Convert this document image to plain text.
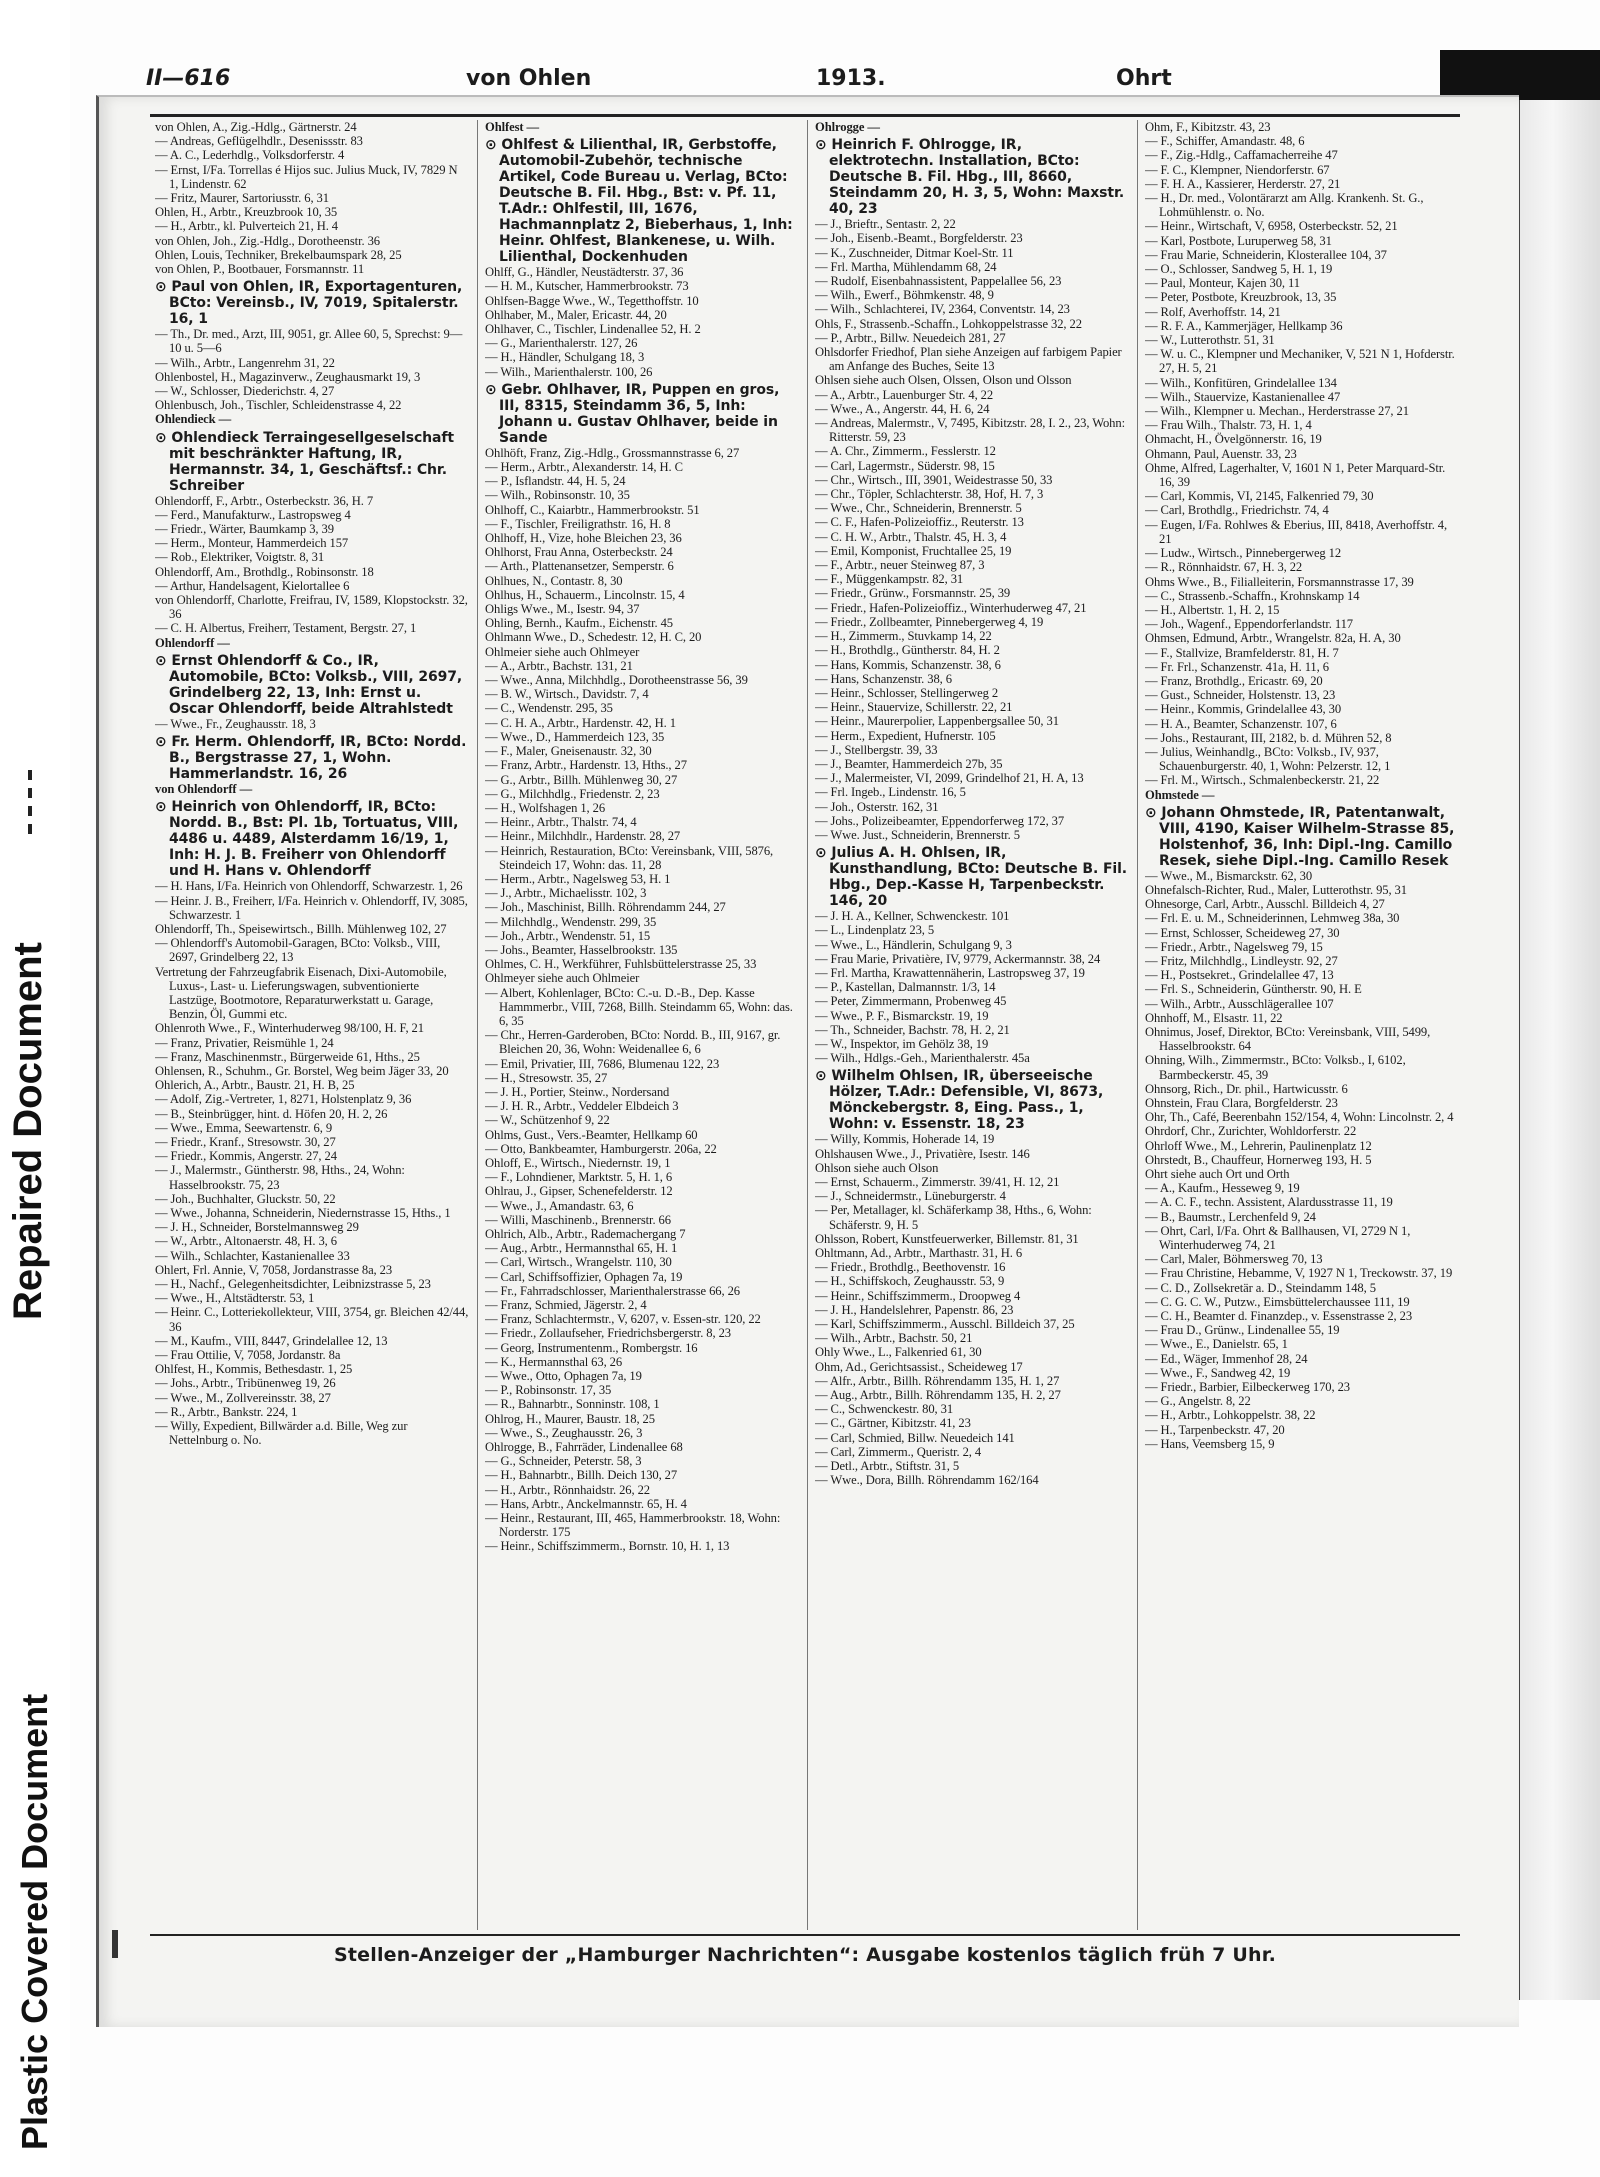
Repaired Document
Plastic Covered Document
II—616	von Ohlen	1913.	Ohrt
von Ohlen, A., Zig.-Hdlg., Gärtnerstr. 24
— Andreas, Geflügelhdlr., Desenissstr. 83
— A. C., Lederhdlg., Volksdorferstr. 4
— Ernst, I/Fa. Torrellas é Hijos suc. Julius Muck, IV, 7829 N 1, Lindenstr. 62
— Fritz, Maurer, Sartoriusstr. 6, 31
Ohlen, H., Arbtr., Kreuzbrook 10, 35
— H., Arbtr., kl. Pulverteich 21, H. 4
von Ohlen, Joh., Zig.-Hdlg., Dorotheenstr. 36
Ohlen, Louis, Techniker, Brekelbaumspark 28, 25
von Ohlen, P., Bootbauer, Forsmannstr. 11
⊙ Paul von Ohlen, IR, Exportagenturen, BCto: Vereinsb., IV, 7019, Spitalerstr. 16, 1
— Th., Dr. med., Arzt, III, 9051, gr. Allee 60, 5, Sprechst: 9—10 u. 5—6
— Wilh., Arbtr., Langenrehm 31, 22
Ohlenbostel, H., Magazinverw., Zeughausmarkt 19, 3
— W., Schlosser, Diederichstr. 4, 27
Ohlenbusch, Joh., Tischler, Schleidenstrasse 4, 22
Ohlendieck —
⊙ Ohlendieck Terraingesellgeselschaft mit beschränkter Haftung, IR, Hermannstr. 34, 1, Geschäftsf.: Chr. Schreiber
Ohlendorff, F., Arbtr., Osterbeckstr. 36, H. 7
— Ferd., Manufakturw., Lastropsweg 4
— Friedr., Wärter, Baumkamp 3, 39
— Herm., Monteur, Hammerdeich 157
— Rob., Elektriker, Voigtstr. 8, 31
Ohlendorff, Am., Brothdlg., Robinsonstr. 18
— Arthur, Handelsagent, Kielortallee 6
von Ohlendorff, Charlotte, Freifrau, IV, 1589, Klopstockstr. 32, 36
— C. H. Albertus, Freiherr, Testament, Bergstr. 27, 1
Ohlendorff —
⊙ Ernst Ohlendorff & Co., IR, Automobile, BCto: Volksb., VIII, 2697, Grindelberg 22, 13, Inh: Ernst u. Oscar Ohlendorff, beide Altrahlstedt
— Wwe., Fr., Zeughausstr. 18, 3
⊙ Fr. Herm. Ohlendorff, IR, BCto: Nordd. B., Bergstrasse 27, 1, Wohn. Hammerlandstr. 16, 26
von Ohlendorff —
⊙ Heinrich von Ohlendorff, IR, BCto: Nordd. B., Bst: Pl. 1b, Tortuatus, VIII, 4486 u. 4489, Alsterdamm 16/19, 1, Inh: H. J. B. Freiherr von Ohlendorff und H. Hans v. Ohlendorff
— H. Hans, I/Fa. Heinrich von Ohlendorff, Schwarzestr. 1, 26
— Heinr. J. B., Freiherr, I/Fa. Heinrich v. Ohlendorff, IV, 3085, Schwarzestr. 1
Ohlendorff, Th., Speisewirtsch., Billh. Mühlenweg 102, 27
— Ohlendorff's Automobil-Garagen, BCto: Volksb., VIII, 2697, Grindelberg 22, 13
Vertretung der Fahrzeugfabrik Eisenach, Dixi-Automobile, Luxus-, Last- u. Lieferungswagen, subventionierte Lastzüge, Bootmotore, Reparaturwerkstatt u. Garage, Benzin, Öl, Gummi etc.
Ohlenroth Wwe., F., Winterhuderweg 98/100, H. F, 21
— Franz, Privatier, Reismühle 1, 24
— Franz, Maschinenmstr., Bürgerweide 61, Hths., 25
Ohlensen, R., Schuhm., Gr. Borstel, Weg beim Jäger 33, 20
Ohlerich, A., Arbtr., Baustr. 21, H. B, 25
— Adolf, Zig.-Vertreter, 1, 8271, Holstenplatz 9, 36
— B., Steinbrügger, hint. d. Höfen 20, H. 2, 26
— Wwe., Emma, Seewartenstr. 6, 9
— Friedr., Kranf., Stresowstr. 30, 27
— Friedr., Kommis, Angerstr. 27, 24
— J., Malermstr., Güntherstr. 98, Hths., 24, Wohn: Hasselbrookstr. 75, 23
— Joh., Buchhalter, Gluckstr. 50, 22
— Wwe., Johanna, Schneiderin, Niedernstrasse 15, Hths., 1
— J. H., Schneider, Borstelmannsweg 29
— W., Arbtr., Altonaerstr. 48, H. 3, 6
— Wilh., Schlachter, Kastanienallee 33
Ohlert, Frl. Annie, V, 7058, Jordanstrasse 8a, 23
— H., Nachf., Gelegenheitsdichter, Leibnizstrasse 5, 23
— Wwe., H., Altstädterstr. 53, 1
— Heinr. C., Lotteriekollekteur, VIII, 3754, gr. Bleichen 42/44, 36
— M., Kaufm., VIII, 8447, Grindelallee 12, 13
— Frau Ottilie, V, 7058, Jordanstr. 8a
Ohlfest, H., Kommis, Bethesdastr. 1, 25
— Johs., Arbtr., Tribünenweg 19, 26
— Wwe., M., Zollvereinsstr. 38, 27
— R., Arbtr., Bankstr. 224, 1
— Willy, Expedient, Billwärder a.d. Bille, Weg zur Nettelnburg o. No.
Ohlfest —
⊙ Ohlfest & Lilienthal, IR, Gerbstoffe, Automobil-Zubehör, technische Artikel, Code Bureau u. Verlag, BCto: Deutsche B. Fil. Hbg., Bst: v. Pf. 11, T.Adr.: Ohlfestil, III, 1676, Hachmannplatz 2, Bieberhaus, 1, Inh: Heinr. Ohlfest, Blankenese, u. Wilh. Lilienthal, Dockenhuden
Ohlff, G., Händler, Neustädterstr. 37, 36
— H. M., Kutscher, Hammerbrookstr. 73
Ohlfsen-Bagge Wwe., W., Tegetthoffstr. 10
Ohlhaber, M., Maler, Ericastr. 44, 20
Ohlhaver, C., Tischler, Lindenallee 52, H. 2
— G., Marienthalerstr. 127, 26
— H., Händler, Schulgang 18, 3
— Wilh., Marienthalerstr. 100, 26
⊙ Gebr. Ohlhaver, IR, Puppen en gros, III, 8315, Steindamm 36, 5, Inh: Johann u. Gustav Ohlhaver, beide in Sande
Ohlhöft, Franz, Zig.-Hdlg., Grossmannstrasse 6, 27
— Herm., Arbtr., Alexanderstr. 14, H. C
— P., Isflandstr. 44, H. 5, 24
— Wilh., Robinsonstr. 10, 35
Ohlhoff, C., Kaiarbtr., Hammerbrookstr. 51
— F., Tischler, Freiligrathstr. 16, H. 8
Ohlhoff, H., Vize, hohe Bleichen 23, 36
Ohlhorst, Frau Anna, Osterbeckstr. 24
— Arth., Plattenansetzer, Semperstr. 6
Ohlhues, N., Contastr. 8, 30
Ohlhus, H., Schauerm., Lincolnstr. 15, 4
Ohligs Wwe., M., Isestr. 94, 37
Ohling, Bernh., Kaufm., Eichenstr. 45
Ohlmann Wwe., D., Schedestr. 12, H. C, 20
Ohlmeier siehe auch Ohlmeyer
— A., Arbtr., Bachstr. 131, 21
— Wwe., Anna, Milchhdlg., Dorotheenstrasse 56, 39
— B. W., Wirtsch., Davidstr. 7, 4
— C., Wendenstr. 295, 35
— C. H. A., Arbtr., Hardenstr. 42, H. 1
— Wwe., D., Hammerdeich 123, 35
— F., Maler, Gneisenaustr. 32, 30
— Franz, Arbtr., Hardenstr. 13, Hths., 27
— G., Arbtr., Billh. Mühlenweg 30, 27
— G., Milchhdlg., Friedenstr. 2, 23
— H., Wolfshagen 1, 26
— Heinr., Arbtr., Thalstr. 74, 4
— Heinr., Milchhdlr., Hardenstr. 28, 27
— Heinrich, Restauration, BCto: Vereinsbank, VIII, 5876, Steindeich 17, Wohn: das. 11, 28
— Herm., Arbtr., Nagelsweg 53, H. 1
— J., Arbtr., Michaelisstr. 102, 3
— Joh., Maschinist, Billh. Röhrendamm 244, 27
— Milchhdlg., Wendenstr. 299, 35
— Joh., Arbtr., Wendenstr. 51, 15
— Johs., Beamter, Hasselbrookstr. 135
Ohlmes, C. H., Werkführer, Fuhlsbüttelerstrasse 25, 33
Ohlmeyer siehe auch Ohlmeier
— Albert, Kohlenlager, BCto: C.-u. D.-B., Dep. Kasse Hammmerbr., VIII, 7268, Billh. Steindamm 65, Wohn: das. 6, 35
— Chr., Herren-Garderoben, BCto: Nordd. B., III, 9167, gr. Bleichen 20, 36, Wohn: Weidenallee 6, 6
— Emil, Privatier, III, 7686, Blumenau 122, 23
— H., Stresowstr. 35, 27
— J. H., Portier, Steinw., Nordersand
— J. H. R., Arbtr., Veddeler Elbdeich 3
— W., Schützenhof 9, 22
Ohlms, Gust., Vers.-Beamter, Hellkamp 60
— Otto, Bankbeamter, Hamburgerstr. 206a, 22
Ohloff, E., Wirtsch., Niedernstr. 19, 1
— F., Lohndiener, Marktstr. 5, H. 1, 6
Ohlrau, J., Gipser, Schenefelderstr. 12
— Wwe., J., Amandastr. 63, 6
— Willi, Maschinenb., Brennerstr. 66
Ohlrich, Alb., Arbtr., Rademachergang 7
— Aug., Arbtr., Hermannsthal 65, H. 1
— Carl, Wirtsch., Wrangelstr. 110, 30
— Carl, Schiffsoffizier, Ophagen 7a, 19
— Fr., Fahrradschlosser, Marienthalerstrasse 66, 26
— Franz, Schmied, Jägerstr. 2, 4
— Franz, Schlachtermstr., V, 6207, v. Essen-str. 120, 22
— Friedr., Zollaufseher, Friedrichsbergerstr. 8, 23
— Georg, Instrumentenm., Rombergstr. 16
— K., Hermannsthal 63, 26
— Wwe., Otto, Ophagen 7a, 19
— P., Robinsonstr. 17, 35
— R., Bahnarbtr., Sonninstr. 108, 1
Ohlrog, H., Maurer, Baustr. 18, 25
— Wwe., S., Zeughausstr. 26, 3
Ohlrogge, B., Fahrräder, Lindenallee 68
— G., Schneider, Peterstr. 58, 3
— H., Bahnarbtr., Billh. Deich 130, 27
— H., Arbtr., Rönnhaidstr. 26, 22
— Hans, Arbtr., Anckelmannstr. 65, H. 4
— Heinr., Restaurant, III, 465, Hammerbrookstr. 18, Wohn: Norderstr. 175
— Heinr., Schiffszimmerm., Bornstr. 10, H. 1, 13
Ohlrogge —
⊙ Heinrich F. Ohlrogge, IR, elektrotechn. Installation, BCto: Deutsche B. Fil. Hbg., III, 8660, Steindamm 20, H. 3, 5, Wohn: Maxstr. 40, 23
— J., Brieftr., Sentastr. 2, 22
— Joh., Eisenb.-Beamt., Borgfelderstr. 23
— K., Zuschneider, Ditmar Koel-Str. 11
— Frl. Martha, Mühlendamm 68, 24
— Rudolf, Eisenbahnassistent, Pappelallee 56, 23
— Wilh., Ewerf., Böhmkenstr. 48, 9
— Wilh., Schlachterei, IV, 2364, Conventstr. 14, 23
Ohls, F., Strassenb.-Schaffn., Lohkoppelstrasse 32, 22
— P., Arbtr., Billw. Neuedeich 281, 27
Ohlsdorfer Friedhof, Plan siehe Anzeigen auf farbigem Papier am Anfange des Buches, Seite 13
Ohlsen siehe auch Olsen, Olssen, Olson und Olsson
— A., Arbtr., Lauenburger Str. 4, 22
— Wwe., A., Angerstr. 44, H. 6, 24
— Andreas, Malermstr., V, 7495, Kibitzstr. 28, I. 2., 23, Wohn: Ritterstr. 59, 23
— A. Chr., Zimmerm., Fesslerstr. 12
— Carl, Lagermstr., Süderstr. 98, 15
— Chr., Wirtsch., III, 3901, Weidestrasse 50, 33
— Chr., Töpler, Schlachterstr. 38, Hof, H. 7, 3
— Wwe., Chr., Schneiderin, Brennerstr. 5
— C. F., Hafen-Polizeioffiz., Reuterstr. 13
— C. H. W., Arbtr., Thalstr. 45, H. 3, 4
— Emil, Komponist, Fruchtallee 25, 19
— F., Arbtr., neuer Steinweg 87, 3
— F., Müggenkampstr. 82, 31
— Friedr., Grünw., Forsmannstr. 25, 39
— Friedr., Hafen-Polizeioffiz., Winterhuderweg 47, 21
— Friedr., Zollbeamter, Pinnebergerweg 4, 19
— H., Zimmerm., Stuvkamp 14, 22
— H., Brothdlg., Güntherstr. 84, H. 2
— Hans, Kommis, Schanzenstr. 38, 6
— Hans, Schanzenstr. 38, 6
— Heinr., Schlosser, Stellingerweg 2
— Heinr., Stauervize, Schillerstr. 22, 21
— Heinr., Maurerpolier, Lappenbergsallee 50, 31
— Herm., Expedient, Hufnerstr. 105
— J., Stellbergstr. 39, 33
— J., Beamter, Hammerdeich 27b, 35
— J., Malermeister, VI, 2099, Grindelhof 21, H. A, 13
— Frl. Ingeb., Lindenstr. 16, 5
— Joh., Osterstr. 162, 31
— Johs., Polizeibeamter, Eppendorferweg 172, 37
— Wwe. Just., Schneiderin, Brennerstr. 5
⊙ Julius A. H. Ohlsen, IR, Kunsthandlung, BCto: Deutsche B. Fil. Hbg., Dep.-Kasse H, Tarpenbeckstr. 146, 20
— J. H. A., Kellner, Schwenckestr. 101
— L., Lindenplatz 23, 5
— Wwe., L., Händlerin, Schulgang 9, 3
— Frau Marie, Privatière, IV, 9779, Ackermannstr. 38, 24
— Frl. Martha, Krawattennäherin, Lastropsweg 37, 19
— P., Kastellan, Dalmannstr. 1/3, 14
— Peter, Zimmermann, Probenweg 45
— Wwe., P. F., Bismarckstr. 19, 19
— Th., Schneider, Bachstr. 78, H. 2, 21
— W., Inspektor, im Gehölz 38, 19
— Wilh., Hdlgs.-Geh., Marienthalerstr. 45a
⊙ Wilhelm Ohlsen, IR, überseeische Hölzer, T.Adr.: Defensible, VI, 8673, Mönckebergstr. 8, Eing. Pass., 1, Wohn: v. Essenstr. 18, 23
— Willy, Kommis, Hoherade 14, 19
Ohlshausen Wwe., J., Privatière, Isestr. 146
Ohlson siehe auch Olson
— Ernst, Schauerm., Zimmerstr. 39/41, H. 12, 21
— J., Schneidermstr., Lüneburgerstr. 4
— Per, Metallager, kl. Schäferkamp 38, Hths., 6, Wohn: Schäferstr. 9, H. 5
Ohlsson, Robert, Kunstfeuerwerker, Billemstr. 81, 31
Ohltmann, Ad., Arbtr., Marthastr. 31, H. 6
— Friedr., Brothdlg., Beethovenstr. 16
— H., Schiffskoch, Zeughausstr. 53, 9
— Heinr., Schiffszimmerm., Droopweg 4
— J. H., Handelslehrer, Papenstr. 86, 23
— Karl, Schiffszimmerm., Ausschl. Billdeich 37, 25
— Wilh., Arbtr., Bachstr. 50, 21
Ohly Wwe., L., Falkenried 61, 30
Ohm, Ad., Gerichtsassist., Scheideweg 17
— Alfr., Arbtr., Billh. Röhrendamm 135, H. 1, 27
— Aug., Arbtr., Billh. Röhrendamm 135, H. 2, 27
— C., Schwenckestr. 80, 31
— C., Gärtner, Kibitzstr. 41, 23
— Carl, Schmied, Billw. Neuedeich 141
— Carl, Zimmerm., Queristr. 2, 4
— Detl., Arbtr., Stiftstr. 31, 5
— Wwe., Dora, Billh. Röhrendamm 162/164
Ohm, F., Kibitzstr. 43, 23
— F., Schiffer, Amandastr. 48, 6
— F., Zig.-Hdlg., Caffamacherreihe 47
— F. C., Klempner, Niendorferstr. 67
— F. H. A., Kassierer, Herderstr. 27, 21
— H., Dr. med., Volontärarzt am Allg. Krankenh. St. G., Lohmühlenstr. o. No.
— Heinr., Wirtschaft, V, 6958, Osterbeckstr. 52, 21
— Karl, Postbote, Luruperweg 58, 31
— Frau Marie, Schneiderin, Klosterallee 104, 37
— O., Schlosser, Sandweg 5, H. 1, 19
— Paul, Monteur, Kajen 30, 11
— Peter, Postbote, Kreuzbrook, 13, 35
— Rolf, Averhoffstr. 14, 21
— R. F. A., Kammerjäger, Hellkamp 36
— W., Lutterothstr. 51, 31
— W. u. C., Klempner und Mechaniker, V, 521 N 1, Hofderstr. 27, H. 5, 21
— Wilh., Konfitüren, Grindelallee 134
— Wilh., Stauervize, Kastanienallee 47
— Wilh., Klempner u. Mechan., Herderstrasse 27, 21
— Frau Wilh., Thalstr. 73, H. 1, 4
Ohmacht, H., Övelgönnerstr. 16, 19
Ohmann, Paul, Auenstr. 33, 23
Ohme, Alfred, Lagerhalter, V, 1601 N 1, Peter Marquard-Str. 16, 39
— Carl, Kommis, VI, 2145, Falkenried 79, 30
— Carl, Brothdlg., Friedrichstr. 74, 4
— Eugen, I/Fa. Rohlwes & Eberius, III, 8418, Averhoffstr. 4, 21
— Ludw., Wirtsch., Pinnebergerweg 12
— R., Rönnhaidstr. 67, H. 3, 22
Ohms Wwe., B., Filialleiterin, Forsmannstrasse 17, 39
— C., Strassenb.-Schaffn., Krohnskamp 14
— H., Albertstr. 1, H. 2, 15
— Joh., Wagenf., Eppendorferlandstr. 117
Ohmsen, Edmund, Arbtr., Wrangelstr. 82a, H. A, 30
— F., Stallvize, Bramfelderstr. 81, H. 7
— Fr. Frl., Schanzenstr. 41a, H. 11, 6
— Franz, Brothdlg., Ericastr. 69, 20
— Gust., Schneider, Holstenstr. 13, 23
— Heinr., Kommis, Grindelallee 43, 30
— H. A., Beamter, Schanzenstr. 107, 6
— Johs., Restaurant, III, 2182, b. d. Mühren 52, 8
— Julius, Weinhandlg., BCto: Volksb., IV, 937, Schauenburgerstr. 40, 1, Wohn: Pelzerstr. 12, 1
— Frl. M., Wirtsch., Schmalenbeckerstr. 21, 22
Ohmstede —
⊙ Johann Ohmstede, IR, Patentanwalt, VIII, 4190, Kaiser Wilhelm-Strasse 85, Holstenhof, 36, Inh: Dipl.-Ing. Camillo Resek, siehe Dipl.-Ing. Camillo Resek
— Wwe., M., Bismarckstr. 62, 30
Ohnefalsch-Richter, Rud., Maler, Lutterothstr. 95, 31
Ohnesorge, Carl, Arbtr., Ausschl. Billdeich 4, 27
— Frl. E. u. M., Schneiderinnen, Lehmweg 38a, 30
— Ernst, Schlosser, Scheideweg 27, 30
— Friedr., Arbtr., Nagelsweg 79, 15
— Fritz, Milchhdlg., Lindleystr. 92, 27
— H., Postsekret., Grindelallee 47, 13
— Frl. S., Schneiderin, Güntherstr. 90, H. E
— Wilh., Arbtr., Ausschlägerallee 107
Ohnhoff, M., Elsastr. 11, 22
Ohnimus, Josef, Direktor, BCto: Vereinsbank, VIII, 5499, Hasselbrookstr. 64
Ohning, Wilh., Zimmermstr., BCto: Volksb., I, 6102, Barmbeckerstr. 45, 39
Ohnsorg, Rich., Dr. phil., Hartwicusstr. 6
Ohnstein, Frau Clara, Borgfelderstr. 23
Ohr, Th., Café, Beerenbahn 152/154, 4, Wohn: Lincolnstr. 2, 4
Ohrdorf, Chr., Zurichter, Wohldorferstr. 22
Ohrloff Wwe., M., Lehrerin, Paulinenplatz 12
Ohrstedt, B., Chauffeur, Hornerweg 193, H. 5
Ohrt siehe auch Ort und Orth
— A., Kaufm., Hesseweg 9, 19
— A. C. F., techn. Assistent, Alardusstrasse 11, 19
— B., Baumstr., Lerchenfeld 9, 24
— Ohrt, Carl, I/Fa. Ohrt & Ballhausen, VI, 2729 N 1, Winterhuderweg 74, 21
— Carl, Maler, Böhmersweg 70, 13
— Frau Christine, Hebamme, V, 1927 N 1, Treckowstr. 37, 19
— C. D., Zollsekretär a. D., Steindamm 148, 5
— C. G. C. W., Putzw., Eimsbüttelerchaussee 111, 19
— C. H., Beamter d. Finanzdep., v. Essenstrasse 2, 23
— Frau D., Grünw., Lindenallee 55, 19
— Wwe., E., Danielstr. 65, 1
— Ed., Wäger, Immenhof 28, 24
— Wwe., F., Sandweg 42, 19
— Friedr., Barbier, Eilbeckerweg 170, 23
— G., Angelstr. 8, 22
— H., Arbtr., Lohkoppelstr. 38, 22
— H., Tarpenbeckstr. 47, 20
— Hans, Veemsberg 15, 9
Stellen-Anzeiger der „Hamburger Nachrichten“: Ausgabe kostenlos täglich früh 7 Uhr.
